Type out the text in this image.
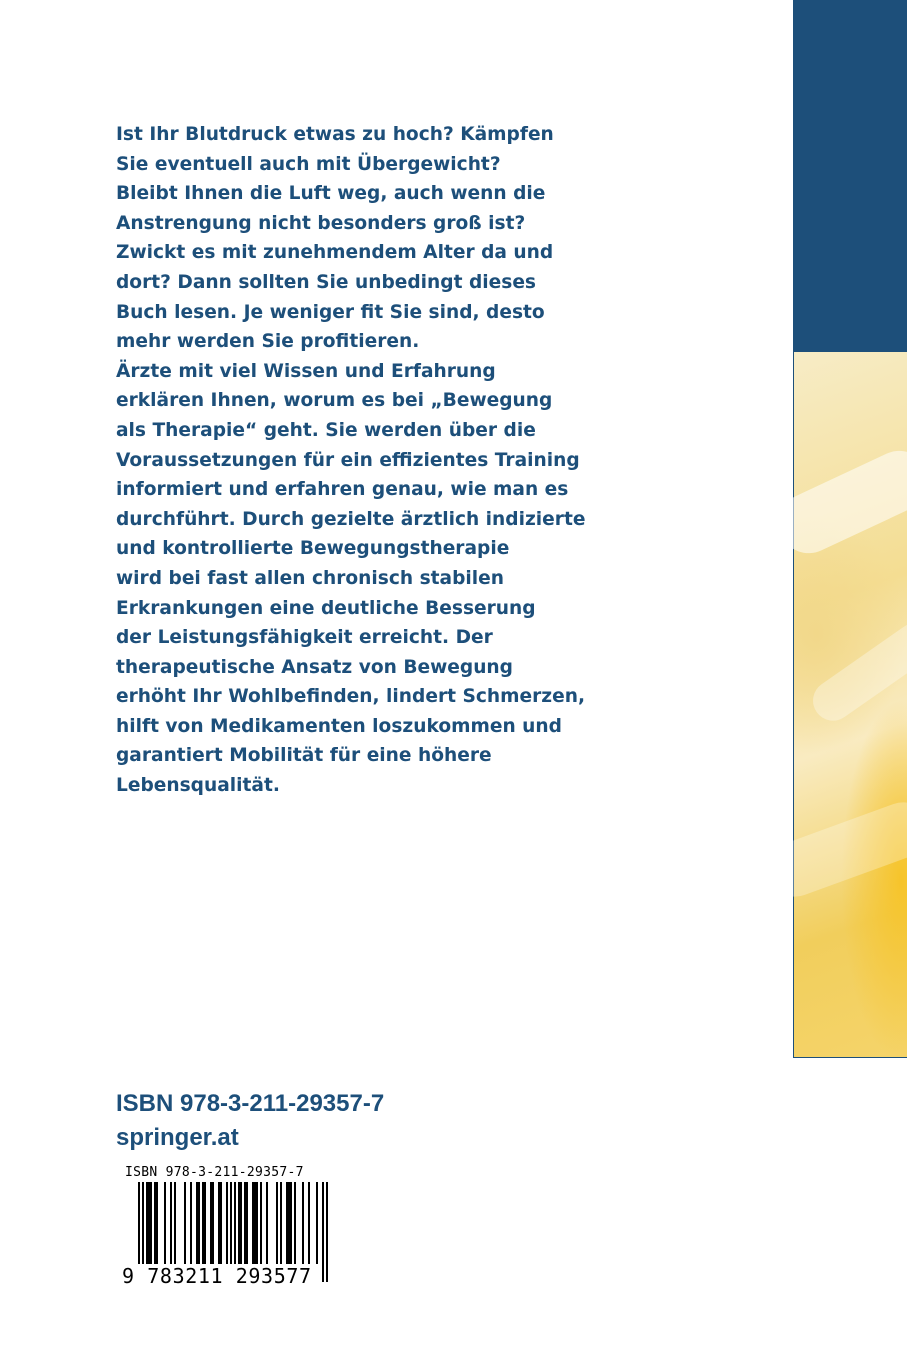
Ist Ihr Blutdruck etwas zu hoch? Kämpfen
Sie eventuell auch mit Übergewicht?
Bleibt Ihnen die Luft weg, auch wenn die
Anstrengung nicht besonders groß ist?
Zwickt es mit zunehmendem Alter da und
dort? Dann sollten Sie unbedingt dieses
Buch lesen. Je weniger fit Sie sind, desto
mehr werden Sie profitieren.
Ärzte mit viel Wissen und Erfahrung
erklären Ihnen, worum es bei „Bewegung
als Therapie“ geht. Sie werden über die
Voraussetzungen für ein effizientes Training
informiert und erfahren genau, wie man es
durchführt. Durch gezielte ärztlich indizierte
und kontrollierte Bewegungstherapie
wird bei fast allen chronisch stabilen
Erkrankungen eine deutliche Besserung
der Leistungsfähigkeit erreicht. Der
therapeutische Ansatz von Bewegung
erhöht Ihr Wohlbefinden, lindert Schmerzen,
hilft von Medikamenten loszukommen und
garantiert Mobilität für eine höhere
Lebensqualität.

ISBN 978-3-211-29357-7
springer.at
ISBN 978-3-211-29357-7
9 783211 293577
